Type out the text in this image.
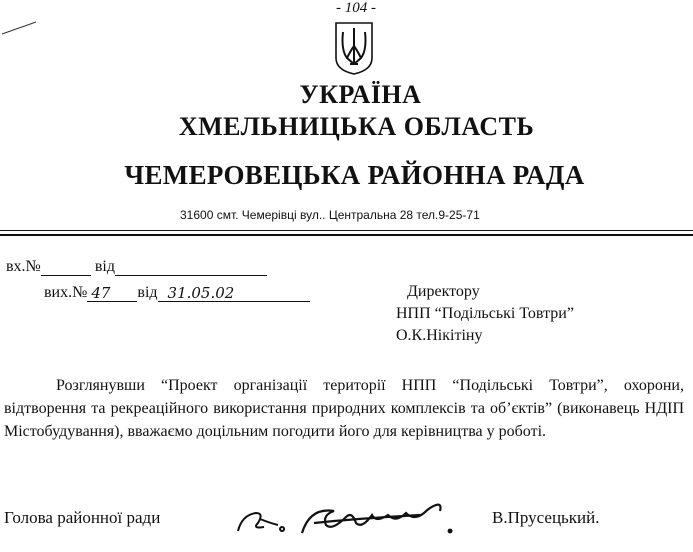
- 104 -
УКРАЇНА
ХМЕЛЬНИЦЬКА ОБЛАСТЬ
ЧЕМЕРОВЕЦЬКА РАЙОННА РАДА
31600 смт. Чемерівці вул.. Центральна 28 тел.9-25-71
вх.№	від
вих.№ 47 від 31.05.02	Директору
НПП “Подільські Товтри”
О.К.Нікітіну
Розглянувши “Проект організації території НПП “Подільські Товтри”, охорони, відтворення та рекреаційного використання природних комплексів та об’єктів” (виконавець НДІП Містобудування), вважаємо доцільним погодити його для керівництва у роботі.
Голова районної ради	В.Прусецький.
